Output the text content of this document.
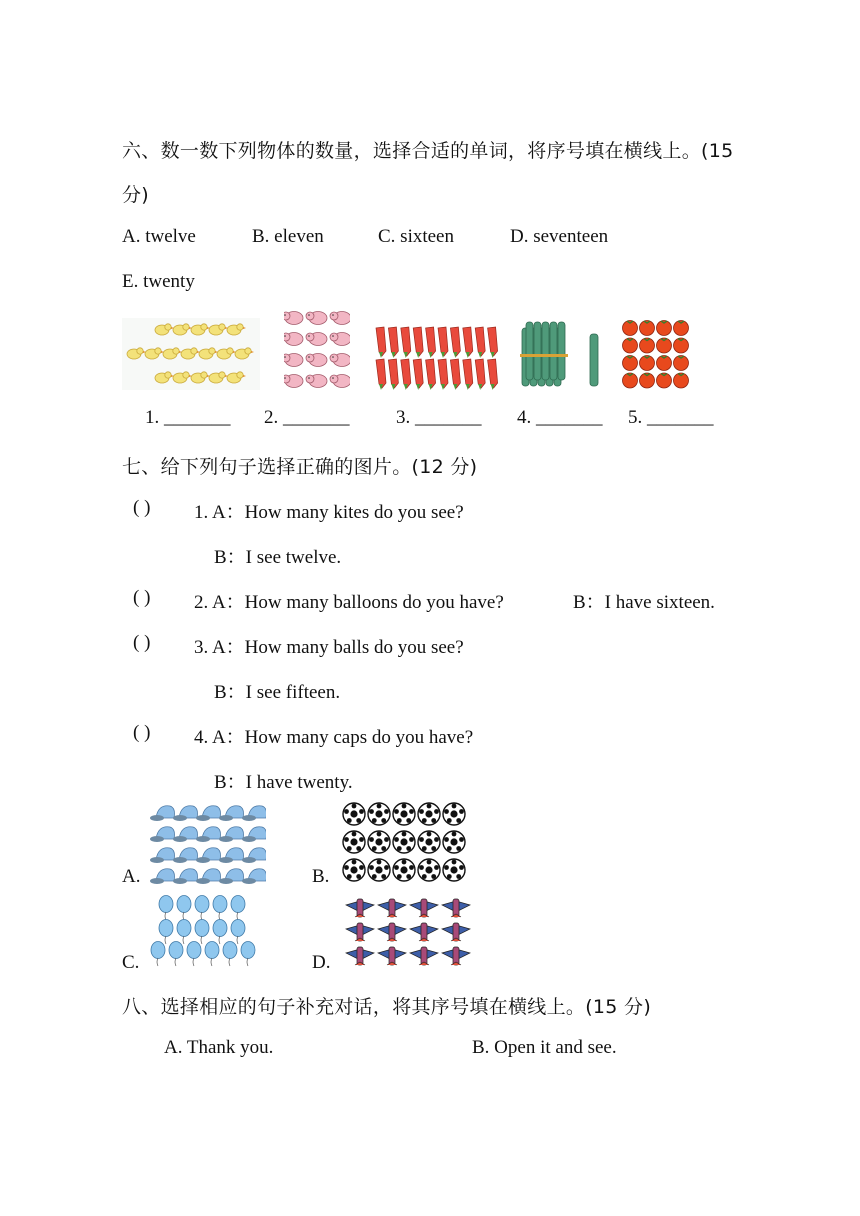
六、数一数下列物体的数量，选择合适的单词，将序号填在横线上。(15
分)
A. twelve	B. eleven	C. sixteen	D. seventeen
E. twenty
1. _______ 2. _______ 3. _______ 4. _______ 5. _______
七、给下列句子选择正确的图片。(12 分)
( ) 1. A：How many kites do you see?
B：I see twelve.
( ) 2. A：How many balloons do you have?	B：I have sixteen.
( ) 3. A：How many balls do you see?
B：I see fifteen.
( ) 4. A：How many caps do you have?
B：I have twenty.
A.	B.
C.	D.
八、选择相应的句子补充对话，将其序号填在横线上。(15 分)
A. Thank you.	B. Open it and see.
